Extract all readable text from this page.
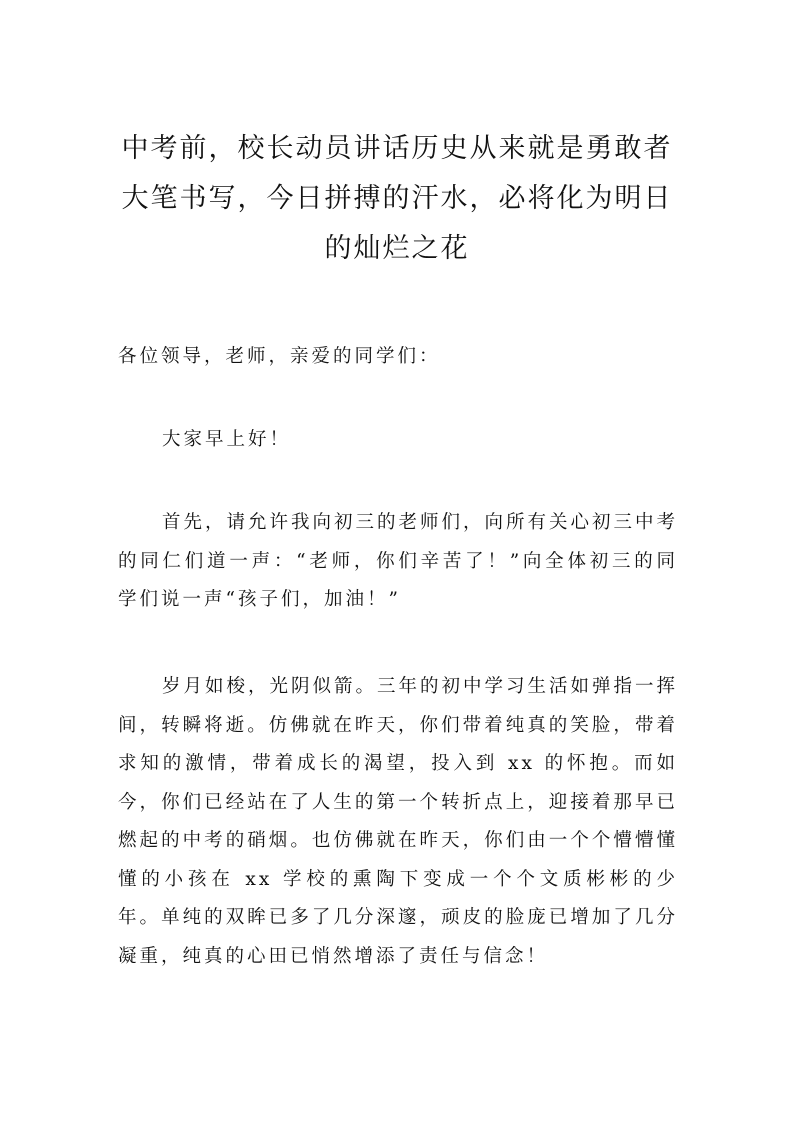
中考前，校长动员讲话历史从来就是勇敢者
大笔书写，今日拼搏的汗水，必将化为明日
的灿烂之花

各位领导，老师，亲爱的同学们：

大家早上好！

首先，请允许我向初三的老师们，向所有关心初三中考的同仁们道一声：“老师，你们辛苦了！”向全体初三的同学们说一声“孩子们，加油！”

岁月如梭，光阴似箭。三年的初中学习生活如弹指一挥间，转瞬将逝。仿佛就在昨天，你们带着纯真的笑脸，带着求知的激情，带着成长的渴望，投入到 xx 的怀抱。而如今，你们已经站在了人生的第一个转折点上，迎接着那早已燃起的中考的硝烟。也仿佛就在昨天，你们由一个个懵懵懂懂的小孩在 xx 学校的熏陶下变成一个个文质彬彬的少年。单纯的双眸已多了几分深邃，顽皮的脸庞已增加了几分凝重，纯真的心田已悄然增添了责任与信念！
